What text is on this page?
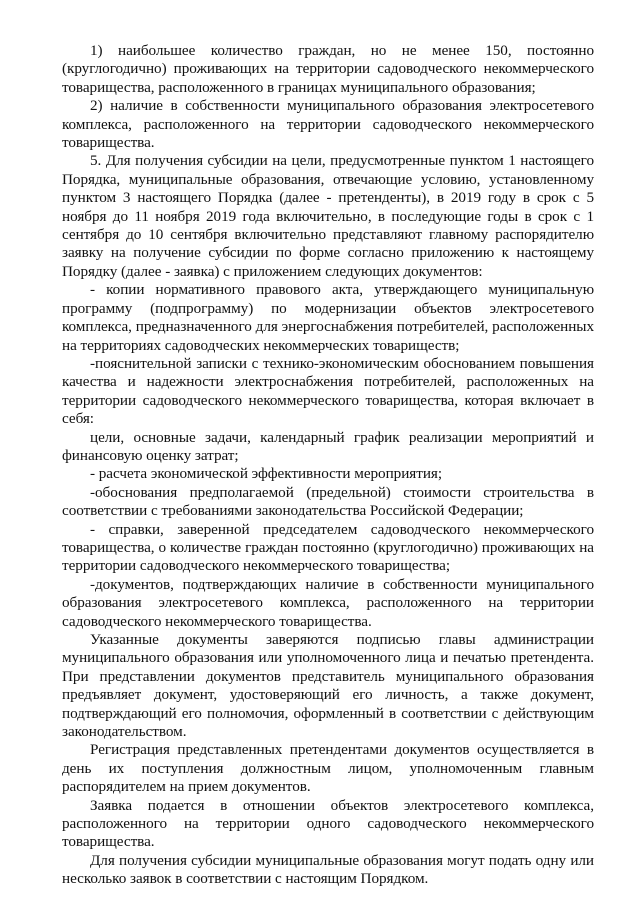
1) наибольшее количество граждан, но не менее 150, постоянно (круглогодично) проживающих на территории садоводческого некоммерческого товарищества, расположенного в границах муниципального образования;

2) наличие в собственности муниципального образования электросетевого комплекса, расположенного на территории садоводческого некоммерческого товарищества.

5. Для получения субсидии на цели, предусмотренные пунктом 1 настоящего Порядка, муниципальные образования, отвечающие условию, установленному пунктом 3 настоящего Порядка (далее - претенденты), в 2019 году в срок с 5 ноября до 11 ноября 2019 года включительно, в последующие годы в срок с 1 сентября до 10 сентября включительно представляют главному распорядителю заявку на получение субсидии по форме согласно приложению к настоящему Порядку (далее - заявка) с приложением следующих документов:

- копии нормативного правового акта, утверждающего муниципальную программу (подпрограмму) по модернизации объектов электросетевого комплекса, предназначенного для энергоснабжения потребителей, расположенных на территориях садоводческих некоммерческих товариществ;

-пояснительной записки с технико-экономическим обоснованием повышения качества и надежности электроснабжения потребителей, расположенных на территории садоводческого некоммерческого товарищества, которая включает в себя:

цели, основные задачи, календарный график реализации мероприятий и финансовую оценку затрат;

- расчета экономической эффективности мероприятия;

-обоснования предполагаемой (предельной) стоимости строительства в соответствии с требованиями законодательства Российской Федерации;

- справки, заверенной председателем садоводческого некоммерческого товарищества, о количестве граждан постоянно (круглогодично) проживающих на территории садоводческого некоммерческого товарищества;

-документов, подтверждающих наличие в собственности муниципального образования электросетевого комплекса, расположенного на территории садоводческого некоммерческого товарищества.

Указанные документы заверяются подписью главы администрации муниципального образования или уполномоченного лица и печатью претендента. При представлении документов представитель муниципального образования предъявляет документ, удостоверяющий его личность, а также документ, подтверждающий его полномочия, оформленный в соответствии с действующим законодательством.

Регистрация представленных претендентами документов осуществляется в день их поступления должностным лицом, уполномоченным главным распорядителем на прием документов.

Заявка подается в отношении объектов электросетевого комплекса, расположенного на территории одного садоводческого некоммерческого товарищества.

Для получения субсидии муниципальные образования могут подать одну или несколько заявок в соответствии с настоящим Порядком.
